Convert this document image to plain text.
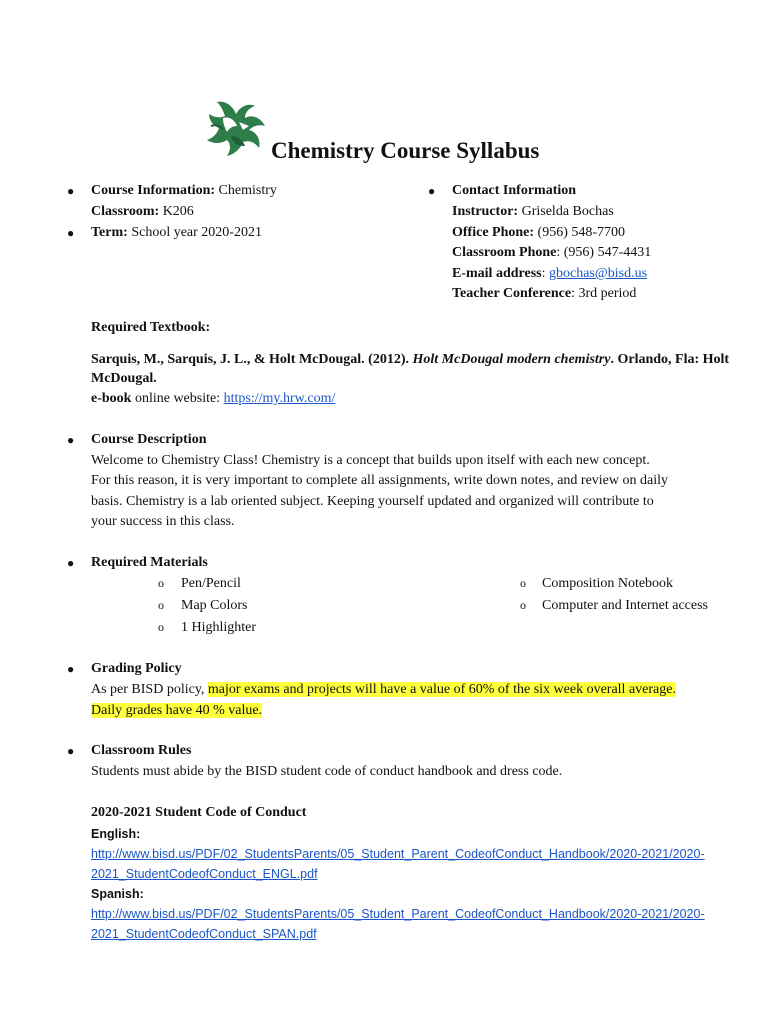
Chemistry Course Syllabus
● Course Information: Chemistry
Classroom: K206
● Term: School year 2020-2021
● Contact Information
Instructor: Griselda Bochas
Office Phone: (956) 548-7700
Classroom Phone: (956) 547-4431
E-mail address: gbochas@bisd.us
Teacher Conference: 3rd period
Required Textbook:
Sarquis, M., Sarquis, J. L., & Holt McDougal. (2012). Holt McDougal modern chemistry. Orlando, Fla: Holt
McDougal.
e-book online website: https://my.hrw.com/
● Course Description
Welcome to Chemistry Class! Chemistry is a concept that builds upon itself with each new concept.
For this reason, it is very important to complete all assignments, write down notes, and review on daily
basis. Chemistry is a lab oriented subject. Keeping yourself updated and organized will contribute to
your success in this class.
● Required Materials
o Pen/Pencil
o Map Colors
o 1 Highlighter
o Composition Notebook
o Computer and Internet access
● Grading Policy
As per BISD policy, major exams and projects will have a value of 60% of the six week overall average.
Daily grades have 40 % value.
● Classroom Rules
Students must abide by the BISD student code of conduct handbook and dress code.
2020-2021 Student Code of Conduct
English:
http://www.bisd.us/PDF/02_StudentsParents/05_Student_Parent_CodeofConduct_Handbook/2020-2021/2020-
2021_StudentCodeofConduct_ENGL.pdf
Spanish:
http://www.bisd.us/PDF/02_StudentsParents/05_Student_Parent_CodeofConduct_Handbook/2020-2021/2020-
2021_StudentCodeofConduct_SPAN.pdf
